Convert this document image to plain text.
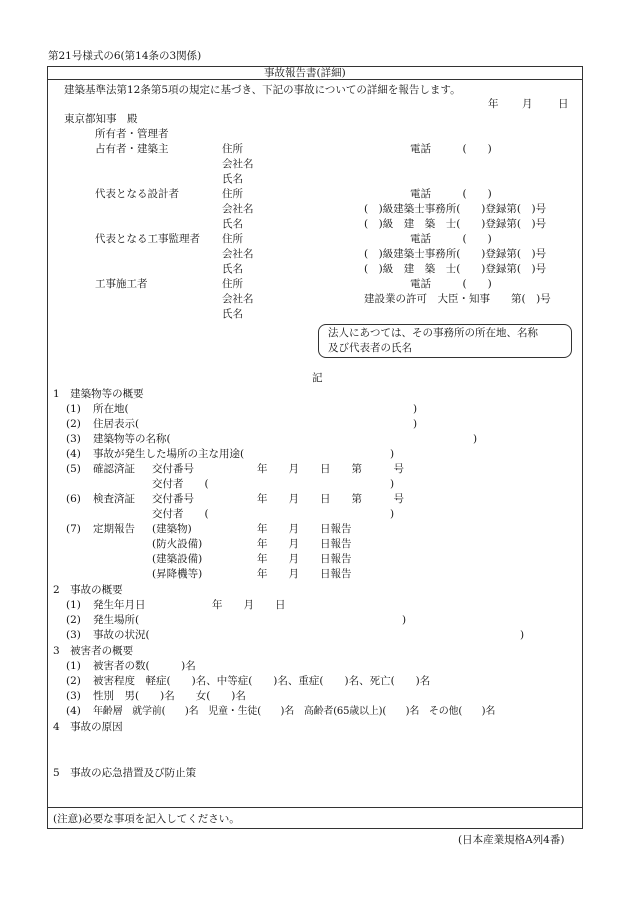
第21号様式の6(第14条の3関係)
事故報告書(詳細)
建築基準法第12条第5項の規定に基づき、下記の事故についての詳細を報告します。
年 月 日
東京都知事　殿
所有者・管理者
占有者・建築主	住所	電話　　　(　　)
会社名
氏名
代表となる設計者	住所	電話　　　(　　)
会社名	(　)級建築士事務所(　　)登録第(　)号
氏名	(　)級　建　築　士(　　)登録第(　)号
代表となる工事監理者 住所	電話　　　(　　)
会社名	(　)級建築士事務所(　　)登録第(　)号
氏名	(　)級　建　築　士(　　)登録第(　)号
工事施工者	住所	電話　　　(　　)
会社名	建設業の許可　大臣・知事　　第(　)号
氏名
法人にあつては、その事務所の所在地、名称
及び代表者の氏名
記
1　建築物等の概要
(1) 所在地(	)
(2) 住居表示(	)
(3) 建築物等の名称(	)
(4) 事故が発生した場所の主な用途(	)
(5) 確認済証 交付番号	年　　月　　日　　第　　　号
交付者　　(	)
(6) 検査済証 交付番号	年　　月　　日　　第　　　号
交付者　　(	)
(7) 定期報告 (建築物)	年　　月　　日報告
(防火設備)	年　　月　　日報告
(建築設備)	年　　月　　日報告
(昇降機等)	年　　月　　日報告
2　事故の概要
(1) 発生年月日	年　　月　　日
(2) 発生場所(	)
(3) 事故の状況(	)
3　被害者の概要
(1) 被害者の数(　　　)名
(2) 被害程度　軽症(　　)名、中等症(　　)名、重症(　　)名、死亡(　　)名
(3) 性別　男(　　)名　　女(　　)名
(4) 年齢層　就学前(　　)名　児童・生徒(　　)名　高齢者(65歳以上)(　　)名　その他(　　)名
4　事故の原因
5　事故の応急措置及び防止策
(注意)必要な事項を記入してください。
(日本産業規格A列4番)
